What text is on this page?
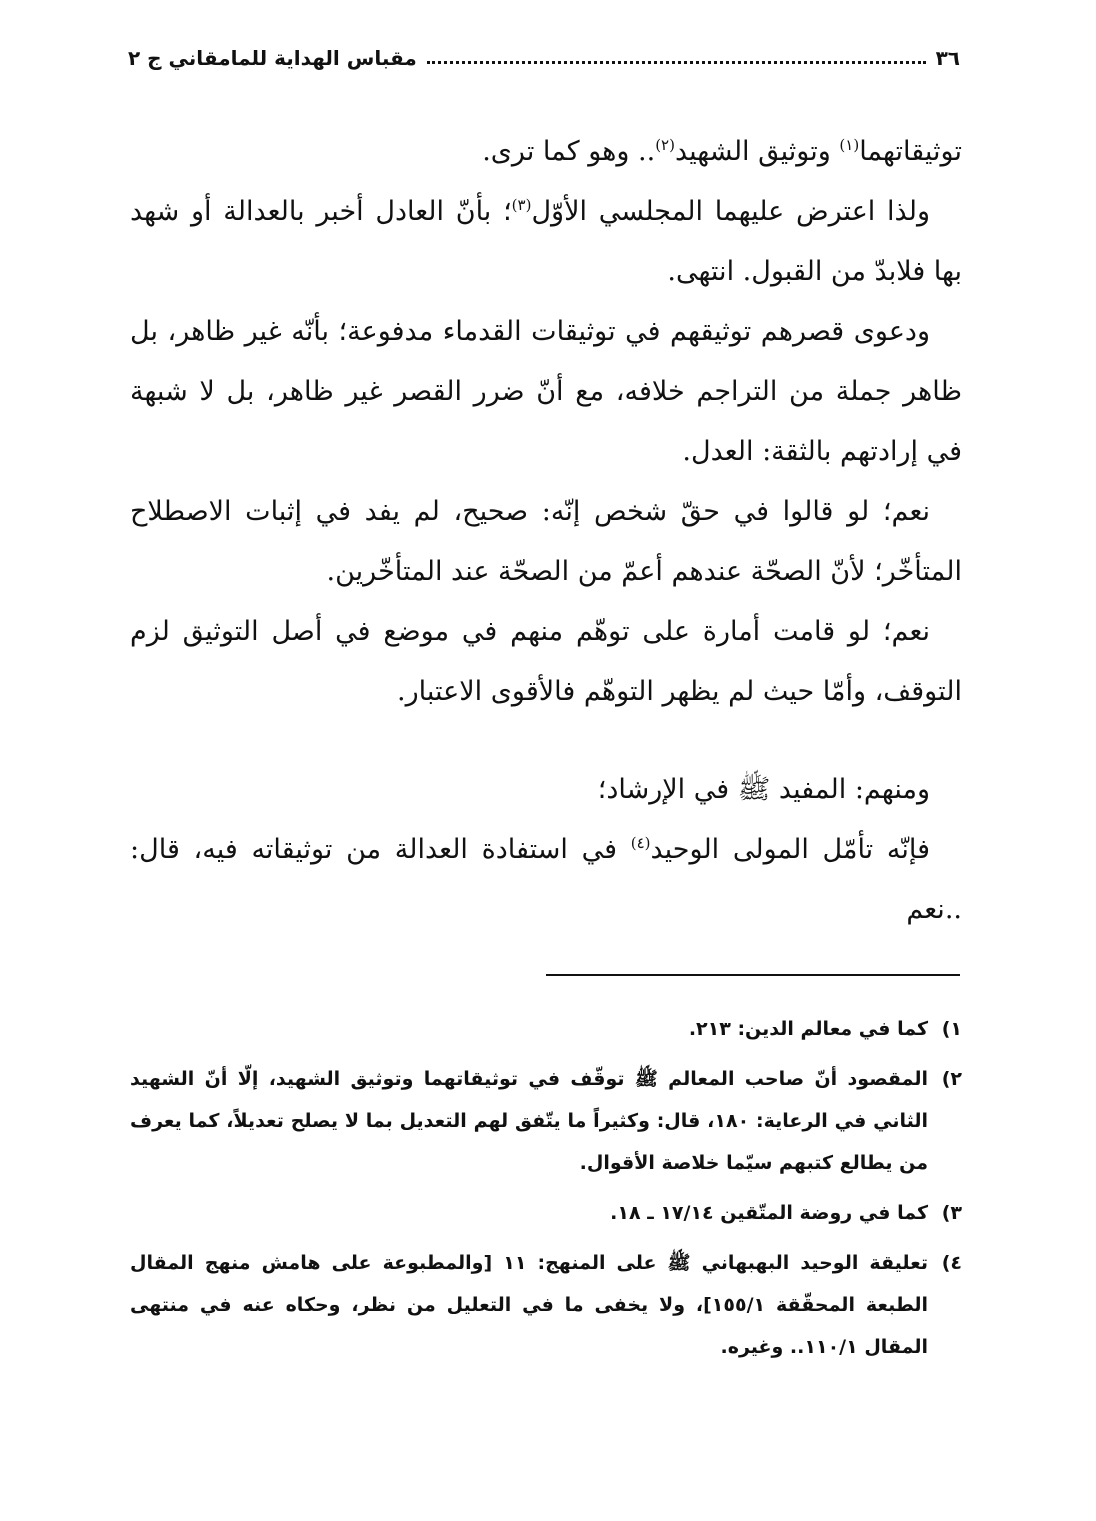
٣٦
مقباس الهداية للمامقاني ج ٢

توثيقاتهما$^{(١)}$ وتوثيق الشهيد$^{(٢)}$.. وهو كما ترى.

ولذا اعترض عليهما المجلسي الأوّل$^{(٣)}$؛ بأنّ العادل أخبر بالعدالة أو شهد بها فلابدّ من القبول. انتهى.

ودعوى قصرهم توثيقهم في توثيقات القدماء مدفوعة؛ بأنّه غير ظاهر، بل ظاهر جملة من التراجم خلافه، مع أنّ ضرر القصر غير ظاهر، بل لا شبهة في إرادتهم بالثقة: العدل.

نعم؛ لو قالوا في حقّ شخص إنّه: صحيح، لم يفد في إثبات الاصطلاح المتأخّر؛ لأنّ الصحّة عندهم أعمّ من الصحّة عند المتأخّرين.

نعم؛ لو قامت أمارة على توهّم منهم في موضع في أصل التوثيق لزم التوقف، وأمّا حيث لم يظهر التوهّم فالأقوى الاعتبار.

ومنهم: المفيد ﷺ في الإرشاد؛

فإنّه تأمّل المولى الوحيد$^{(٤)}$ في استفادة العدالة من توثيقاته فيه، قال: ..نعم

١)
كما في معالم الدين: ٢١٣.
٢)
المقصود أنّ صاحب المعالم ﷺ توقّف في توثيقاتهما وتوثيق الشهيد، إلّا أنّ الشهيد الثاني في الرعاية: ١٨٠، قال: وكثيراً ما يتّفق لهم التعديل بما لا يصلح تعديلاً، كما يعرف من يطالع كتبهم سيّما خلاصة الأقوال.
٣)
كما في روضة المتّقين ١٧/١٤ ـ ١٨.
٤)
تعليقة الوحيد البهبهاني ﷺ على المنهج: ١١ [والمطبوعة على هامش منهج المقال الطبعة المحقّقة ١٥٥/١]، ولا يخفى ما في التعليل من نظر، وحكاه عنه في منتهى المقال ١١٠/١.. وغيره.
